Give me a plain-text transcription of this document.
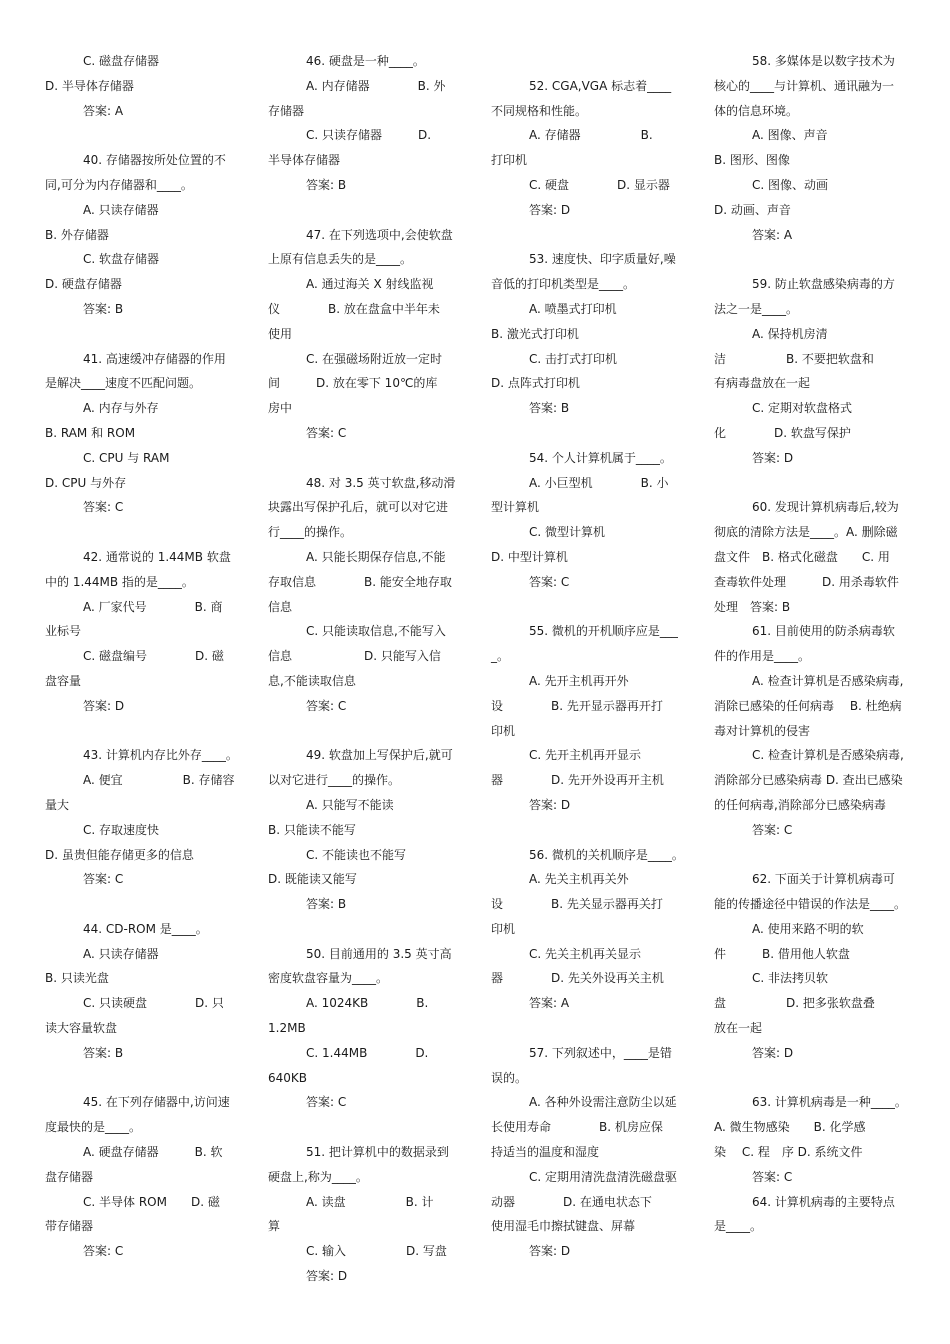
C. 磁盘存储器
D. 半导体存储器
答案: A
40. 存储器按所处位置的不
同,可分为内存储器和____。
A. 只读存储器
B. 外存储器
C. 软盘存储器
D. 硬盘存储器
答案: B
41. 高速缓冲存储器的作用
是解决____速度不匹配问题。
A. 内存与外存
B. RAM 和 ROM
C. CPU 与 RAM
D. CPU 与外存
答案: C
42. 通常说的 1.44MB 软盘
中的 1.44MB 指的是____。
A. 厂家代号　　　　B. 商
业标号
C. 磁盘编号　　　　D. 磁
盘容量
答案: D
43. 计算机内存比外存____。
A. 便宜　　　　　B. 存储容
量大
C. 存取速度快
D. 虽贵但能存储更多的信息
答案: C
44. CD-ROM 是____。
A. 只读存储器
B. 只读光盘
C. 只读硬盘　　　　D. 只
读大容量软盘
答案: B
45. 在下列存储器中,访问速
度最快的是____。
A. 硬盘存储器　　　B. 软
盘存储器
C. 半导体 ROM　　D. 磁
带存储器
答案: C
46. 硬盘是一种____。
A. 内存储器　　　　B. 外
存储器
C. 只读存储器　　　D.
半导体存储器
答案: B
47. 在下列选项中,会使软盘
上原有信息丢失的是____。
A. 通过海关 X 射线监视
仪　　　　B. 放在盘盒中半年未
使用
C. 在强磁场附近放一定时
间　　　D. 放在零下 10℃的库
房中
答案: C
48. 对 3.5 英寸软盘,移动滑
块露出写保护孔后，就可以对它进
行____的操作。
A. 只能长期保存信息,不能
存取信息　　　　B. 能安全地存取
信息
C. 只能读取信息,不能写入
信息　　　　　　D. 只能写入信
息,不能读取信息
答案: C
49. 软盘加上写保护后,就可
以对它进行____的操作。
A. 只能写不能读
B. 只能读不能写
C. 不能读也不能写
D. 既能读又能写
答案: B
50. 目前通用的 3.5 英寸高
密度软盘容量为____。
A. 1024KB　　　　B.
1.2MB
C. 1.44MB　　　　D.
640KB
答案: C
51. 把计算机中的数据录到
硬盘上,称为____。
A. 读盘　　　　　B. 计
算
C. 输入　　　　　D. 写盘
答案: D
52. CGA,VGA 标志着____
不同规格和性能。
A. 存储器　　　　　B.
打印机
C. 硬盘　　　　D. 显示器
答案: D
53. 速度快、印字质量好,噪
音低的打印机类型是____。
A. 喷墨式打印机
B. 激光式打印机
C. 击打式打印机
D. 点阵式打印机
答案: B
54. 个人计算机属于____。
A. 小巨型机　　　　B. 小
型计算机
C. 微型计算机
D. 中型计算机
答案: C
55. 微机的开机顺序应是___
_。
A. 先开主机再开外
设　　　　B. 先开显示器再开打
印机
C. 先开主机再开显示
器　　　　D. 先开外设再开主机
答案: D
56. 微机的关机顺序是____。
A. 先关主机再关外
设　　　　B. 先关显示器再关打
印机
C. 先关主机再关显示
器　　　　D. 先关外设再关主机
答案: A
57. 下列叙述中，____是错
误的。
A. 各种外设需注意防尘以延
长使用寿命　　　　B. 机房应保
持适当的温度和湿度
C. 定期用清洗盘清洗磁盘驱
动器　　　　D. 在通电状态下
使用湿毛巾擦拭键盘、屏幕
答案: D
58. 多媒体是以数字技术为
核心的____与计算机、通讯融为一
体的信息环境。
A. 图像、声音
B. 图形、图像
C. 图像、动画
D. 动画、声音
答案: A
59. 防止软盘感染病毒的方
法之一是____。
A. 保持机房清
洁　　　　　B. 不要把软盘和
有病毒盘放在一起
C. 定期对软盘格式
化　　　　D. 软盘写保护
答案: D
60. 发现计算机病毒后,较为
彻底的清除方法是____。A. 删除磁
盘文件　B. 格式化磁盘　　C. 用
查毒软件处理　　　D. 用杀毒软件
处理　答案: B
61. 目前使用的防杀病毒软
件的作用是____。
A. 检查计算机是否感染病毒,
消除已感染的任何病毒　 B. 杜绝病
毒对计算机的侵害
C. 检查计算机是否感染病毒,
消除部分已感染病毒 D. 查出已感染
的任何病毒,消除部分已感染病毒
答案: C
62. 下面关于计算机病毒可
能的传播途径中错误的作法是____。
A. 使用来路不明的软
件　　　B. 借用他人软盘
C. 非法拷贝软
盘　　　　　D. 把多张软盘叠
放在一起
答案: D
63. 计算机病毒是一种____。
A. 微生物感染　　B. 化学感
染　 C. 程　序 D. 系统文件
答案: C
64. 计算机病毒的主要特点
是____。
